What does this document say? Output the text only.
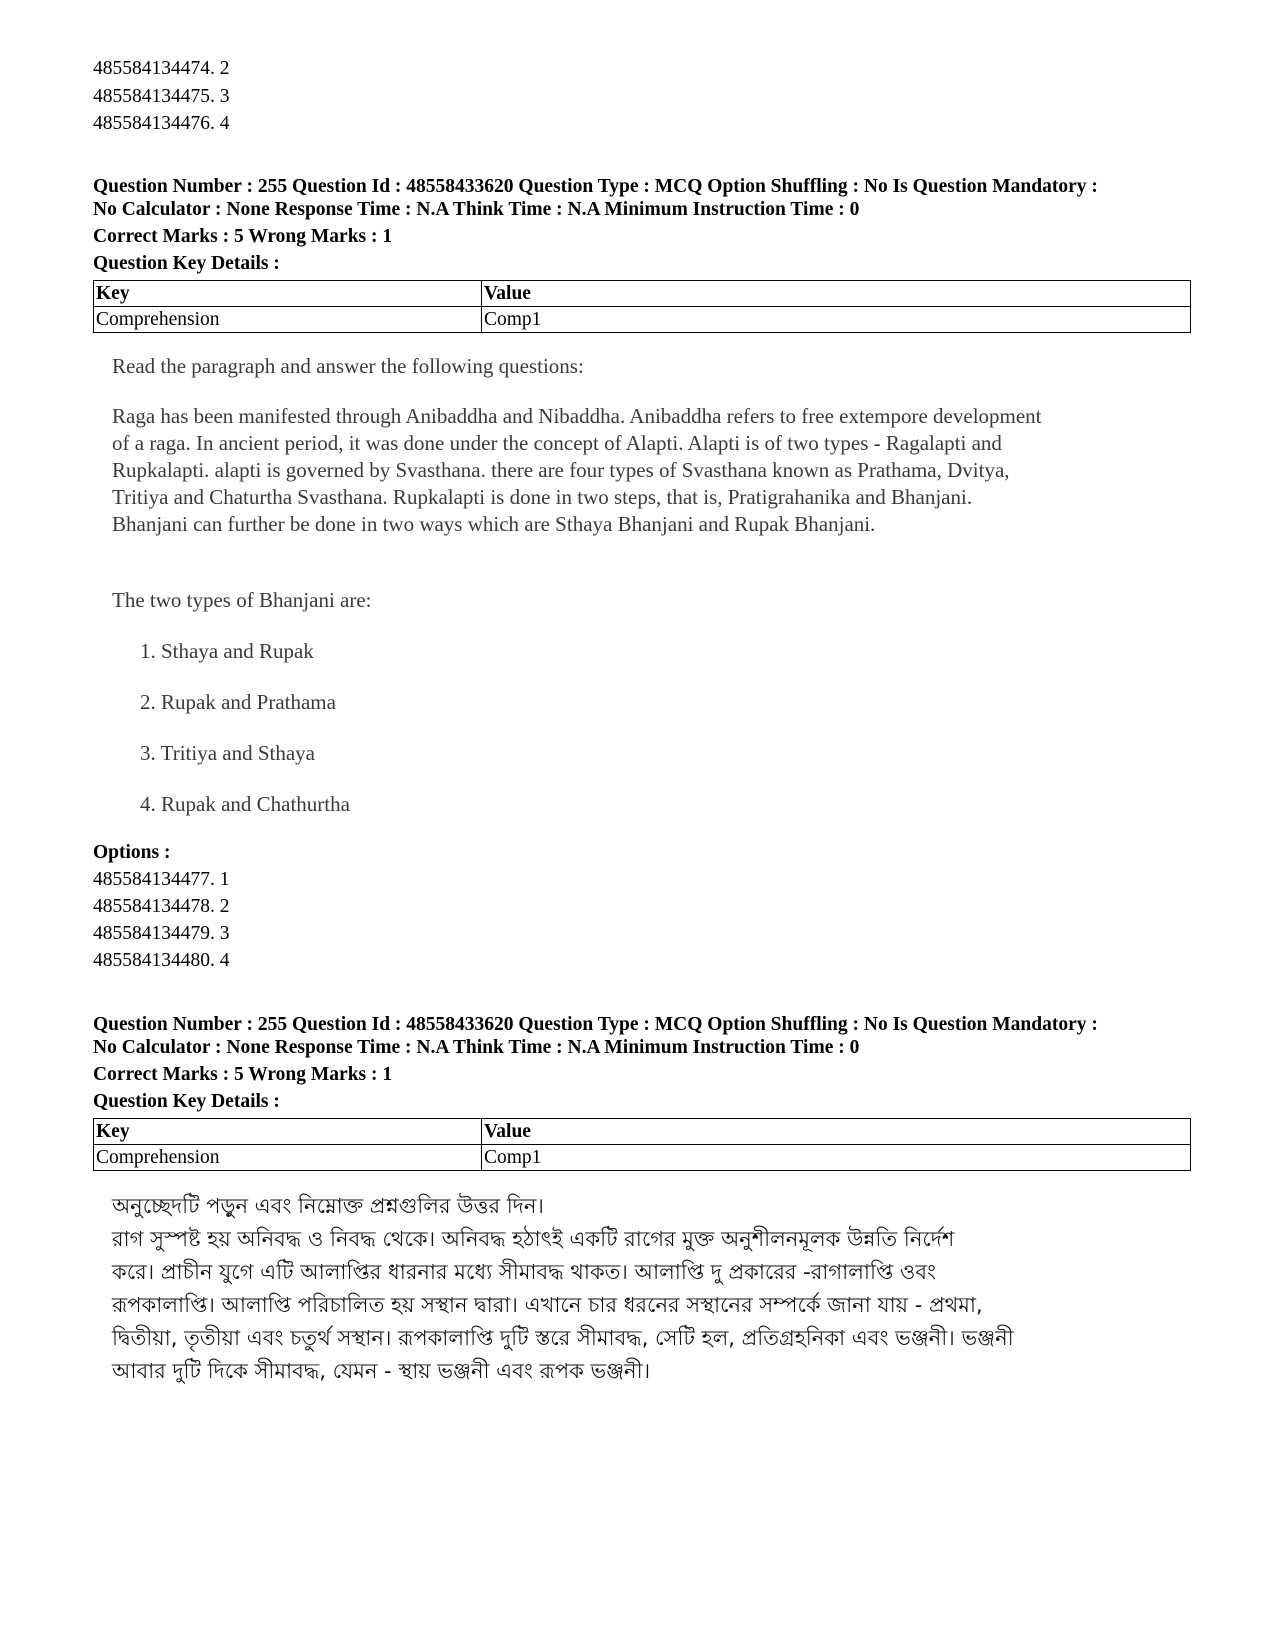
485584134474. 2
485584134475. 3
485584134476. 4
Question Number : 255 Question Id : 48558433620 Question Type : MCQ Option Shuffling : No Is Question Mandatory :
No Calculator : None Response Time : N.A Think Time : N.A Minimum Instruction Time : 0
Correct Marks : 5 Wrong Marks : 1
Question Key Details :
Key	Value
Comprehension	Comp1

Read the paragraph and answer the following questions:

Raga has been manifested through Anibaddha and Nibaddha. Anibaddha refers to free extempore development

of a raga. In ancient period, it was done under the concept of Alapti. Alapti is of two types - Ragalapti and

Rupkalapti. alapti is governed by Svasthana. there are four types of Svasthana known as Prathama, Dvitya,

Tritiya and Chaturtha Svasthana. Rupkalapti is done in two steps, that is, Pratigrahanika and Bhanjani.

Bhanjani can further be done in two ways which are Sthaya Bhanjani and Rupak Bhanjani.

The two types of Bhanjani are:

1. Sthaya and Rupak

2. Rupak and Prathama

3. Tritiya and Sthaya

4. Rupak and Chathurtha

Options :
485584134477. 1
485584134478. 2
485584134479. 3
485584134480. 4
Question Number : 255 Question Id : 48558433620 Question Type : MCQ Option Shuffling : No Is Question Mandatory :
No Calculator : None Response Time : N.A Think Time : N.A Minimum Instruction Time : 0
Correct Marks : 5 Wrong Marks : 1
Question Key Details :
Key	Value
Comprehension	Comp1

অনুচ্ছেদটি পড়ুন এবং নিম্নোক্ত প্রশ্নগুলির উত্তর দিন।

রাগ সুস্পষ্ট হয় অনিবদ্ধ ও নিবদ্ধ থেকে। অনিবদ্ধ হঠাৎই একটি রাগের মুক্ত অনুশীলনমূলক উন্নতি নির্দেশ

করে। প্রাচীন যুগে এটি আলাপ্তির ধারনার মধ্যে সীমাবদ্ধ থাকত। আলাপ্তি দু প্রকারের -রাগালাপ্তি ওবং

রূপকালাপ্তি। আলাপ্তি পরিচালিত হয় সস্থান দ্বারা। এখানে চার ধরনের সস্থানের সম্পর্কে জানা যায় - প্রথমা,

দ্বিতীয়া, তৃতীয়া এবং চতুর্থ সস্থান। রূপকালাপ্তি দুটি স্তরে সীমাবদ্ধ, সেটি হল, প্রতিগ্রহনিকা এবং ভঞ্জনী। ভঞ্জনী

আবার দুটি দিকে সীমাবদ্ধ, যেমন - স্থায় ভঞ্জনী এবং রূপক ভঞ্জনী।
